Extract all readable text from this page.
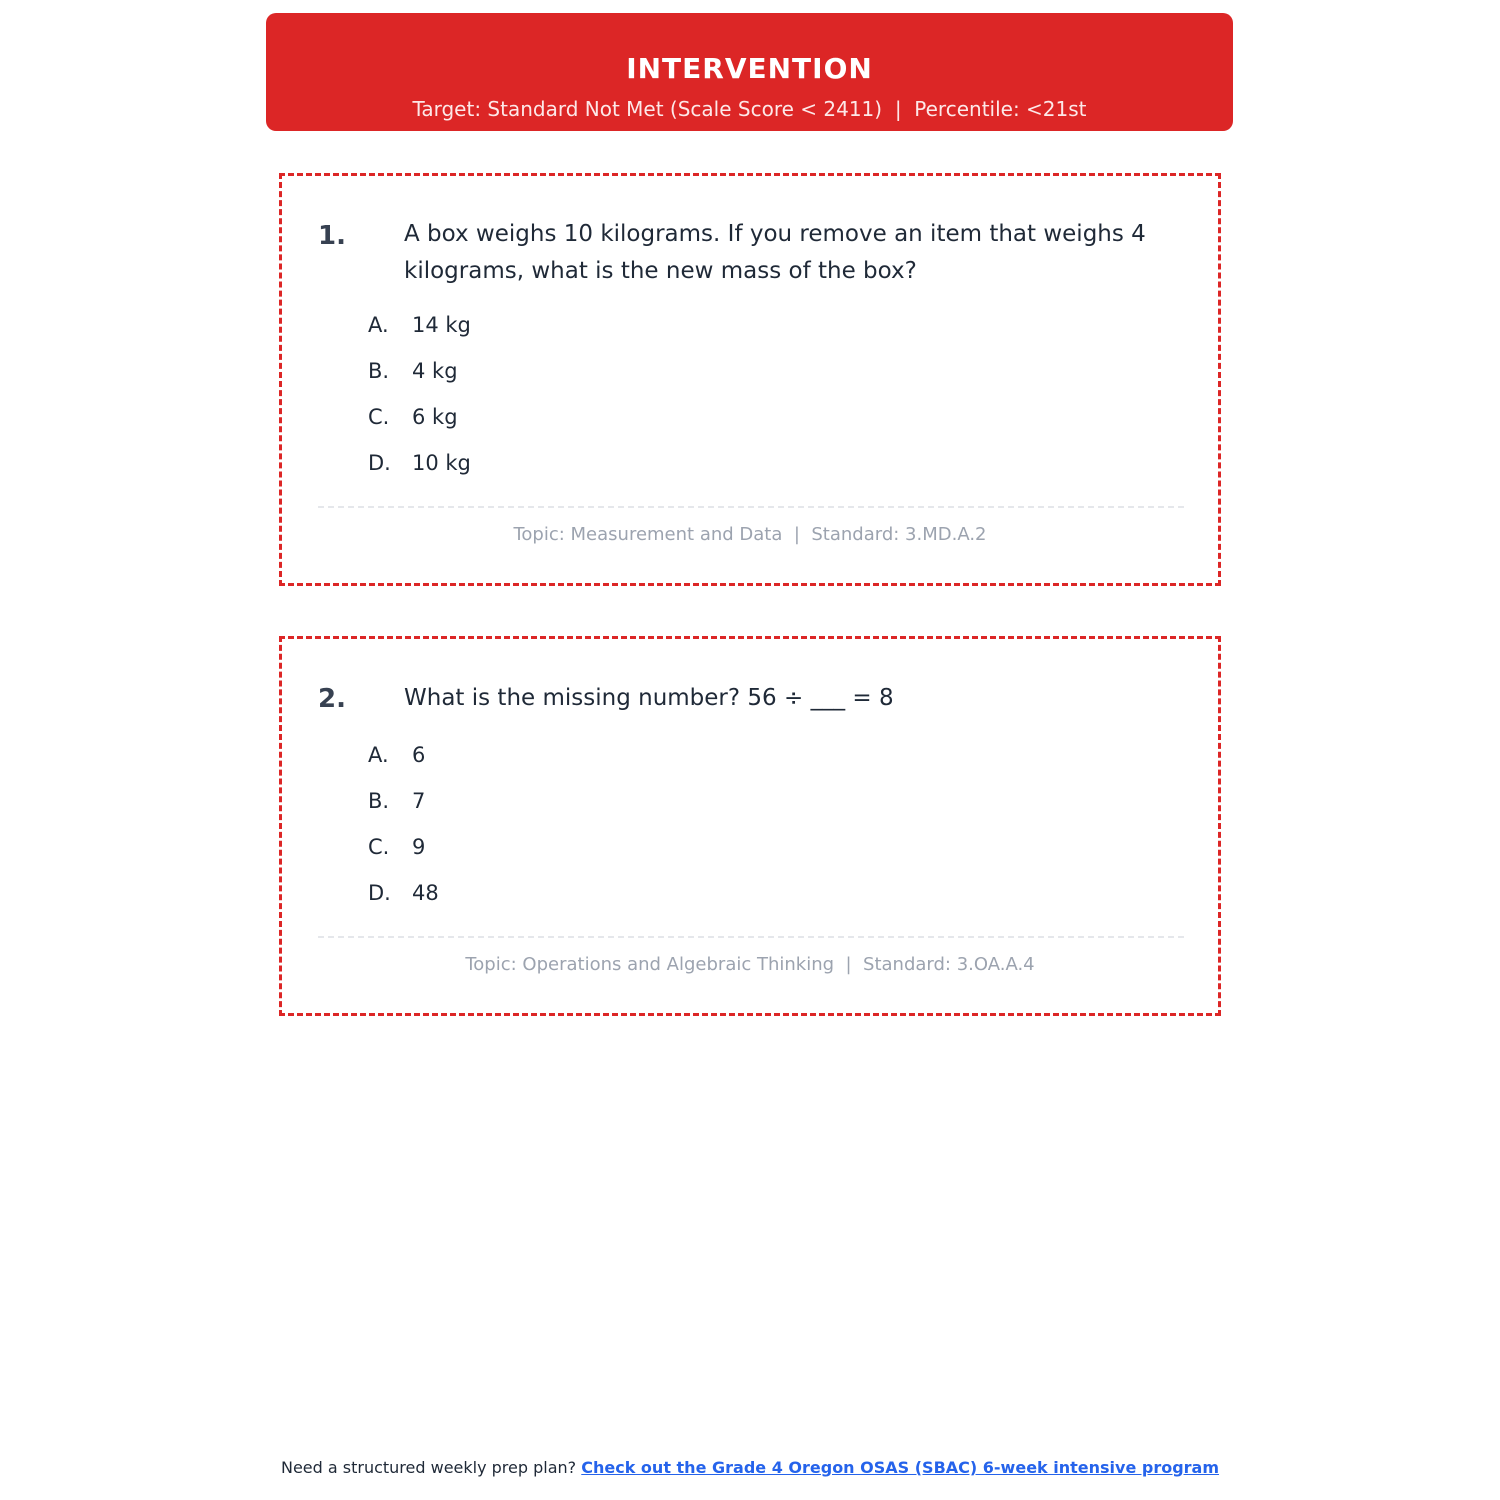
INTERVENTION
Target: Standard Not Met (Scale Score < 2411) | Percentile: <21st
1.	A box weighs 10 kilograms. If you remove an item that weighs 4 kilograms, what is the new mass of the box?
A. 14 kg
B. 4 kg
C. 6 kg
D. 10 kg
Topic: Measurement and Data | Standard: 3.MD.A.2
2.	What is the missing number? 56 ÷ ___ = 8
A. 6
B. 7
C. 9
D. 48
Topic: Operations and Algebraic Thinking | Standard: 3.OA.A.4
Need a structured weekly prep plan? Check out the Grade 4 Oregon OSAS (SBAC) 6-week intensive program
